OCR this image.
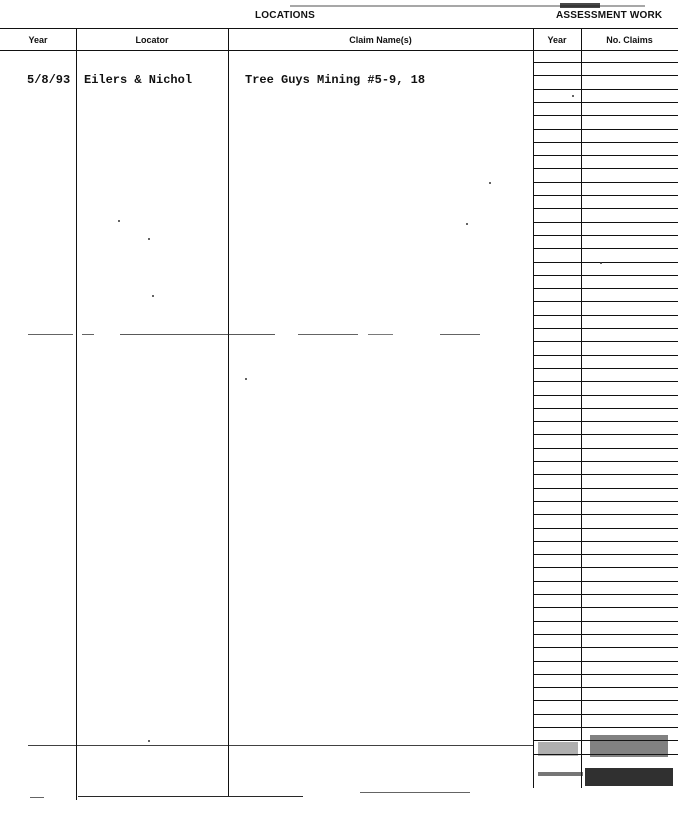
LOCATIONS	ASSESSMENT WORK
Year	Locator	Claim Name(s)	Year	No. Claims
5/8/93 Eilers & Nichol	Tree Guys Mining #5-9, 18
